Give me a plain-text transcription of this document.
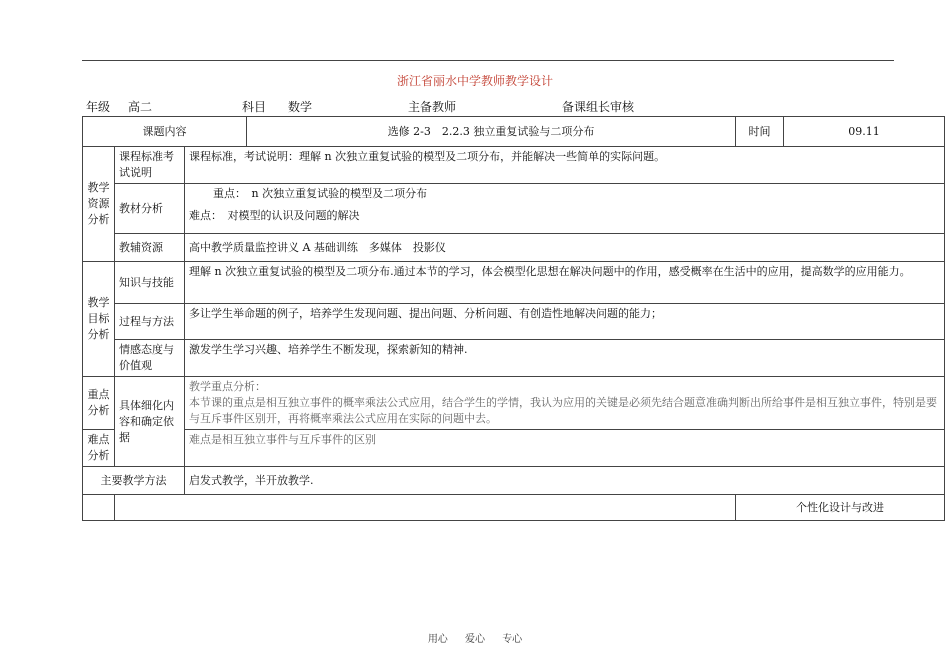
浙江省丽水中学教师教学设计
年级 高二	科目 数学	主备教师	备课组长审核
课题内容			选修 2-3　2.2.3 独立重复试验与二项分布	时间	09.11
教学资源分析	课程标准考试说明	课程标准，考试说明：理解 n 次独立重复试验的模型及二项分布，并能解决一些简单的实际问题。			
	教材分析	重点：　n 次独立重复试验的模型及二项分布
难点：　对模型的认识及问题的解决			

	教辅资源	高中教学质量监控讲义 A 基础训练　多媒体　投影仪			
教学目标分析	知识与技能	理解 n 次独立重复试验的模型及二项分布.通过本节的学习，体会模型化思想在解决问题中的作用，感受概率在生活中的应用，提高数学的应用能力。			
	过程与方法	多让学生举命题的例子，培养学生发现问题、提出问题、分析问题、有创造性地解决问题的能力；			
	情感态度与价值观	激发学生学习兴趣、培养学生不断发现，探索新知的精神.			
重点分析	具体细化内容和确定依据	教学重点分析：
本节课的重点是相互独立事件的概率乘法公式应用，结合学生的学情，我认为应用的关键是必须先结合题意准确判断出所给事件是相互独立事件，特别是要与互斥事件区别开，再将概率乘法公式应用在实际的问题中去。			

难点分析		难点是相互独立事件与互斥事件的区别			
主要教学方法		启发式教学，半开放教学.			
				个性化设计与改进	
用心 爱心 专心
